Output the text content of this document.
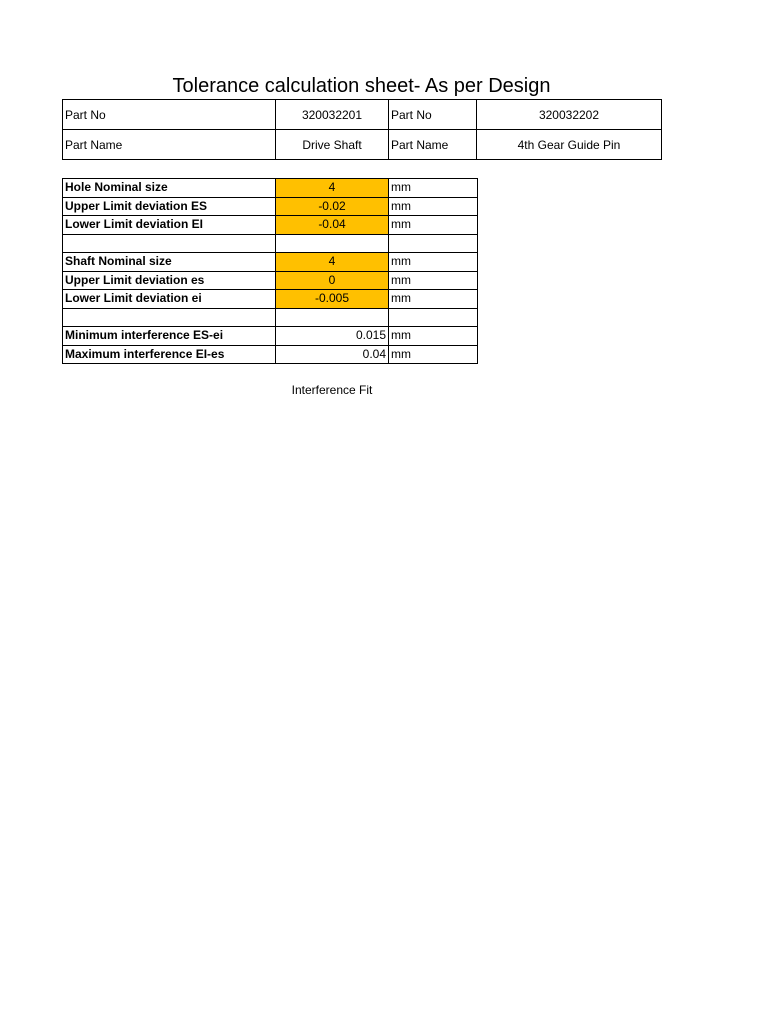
Tolerance calculation sheet- As per Design
Part No	320032201	Part No	320032202
Part Name	Drive Shaft	Part Name	4th Gear Guide Pin
Hole Nominal size	4	mm
Upper Limit deviation ES	-0.02	mm
Lower Limit deviation EI	-0.04	mm

Shaft Nominal size	4	mm
Upper Limit deviation es	0	mm
Lower Limit deviation ei	-0.005	mm

Minimum interference ES-ei	0.015	mm
Maximum interference EI-es	0.04	mm
Interference Fit
